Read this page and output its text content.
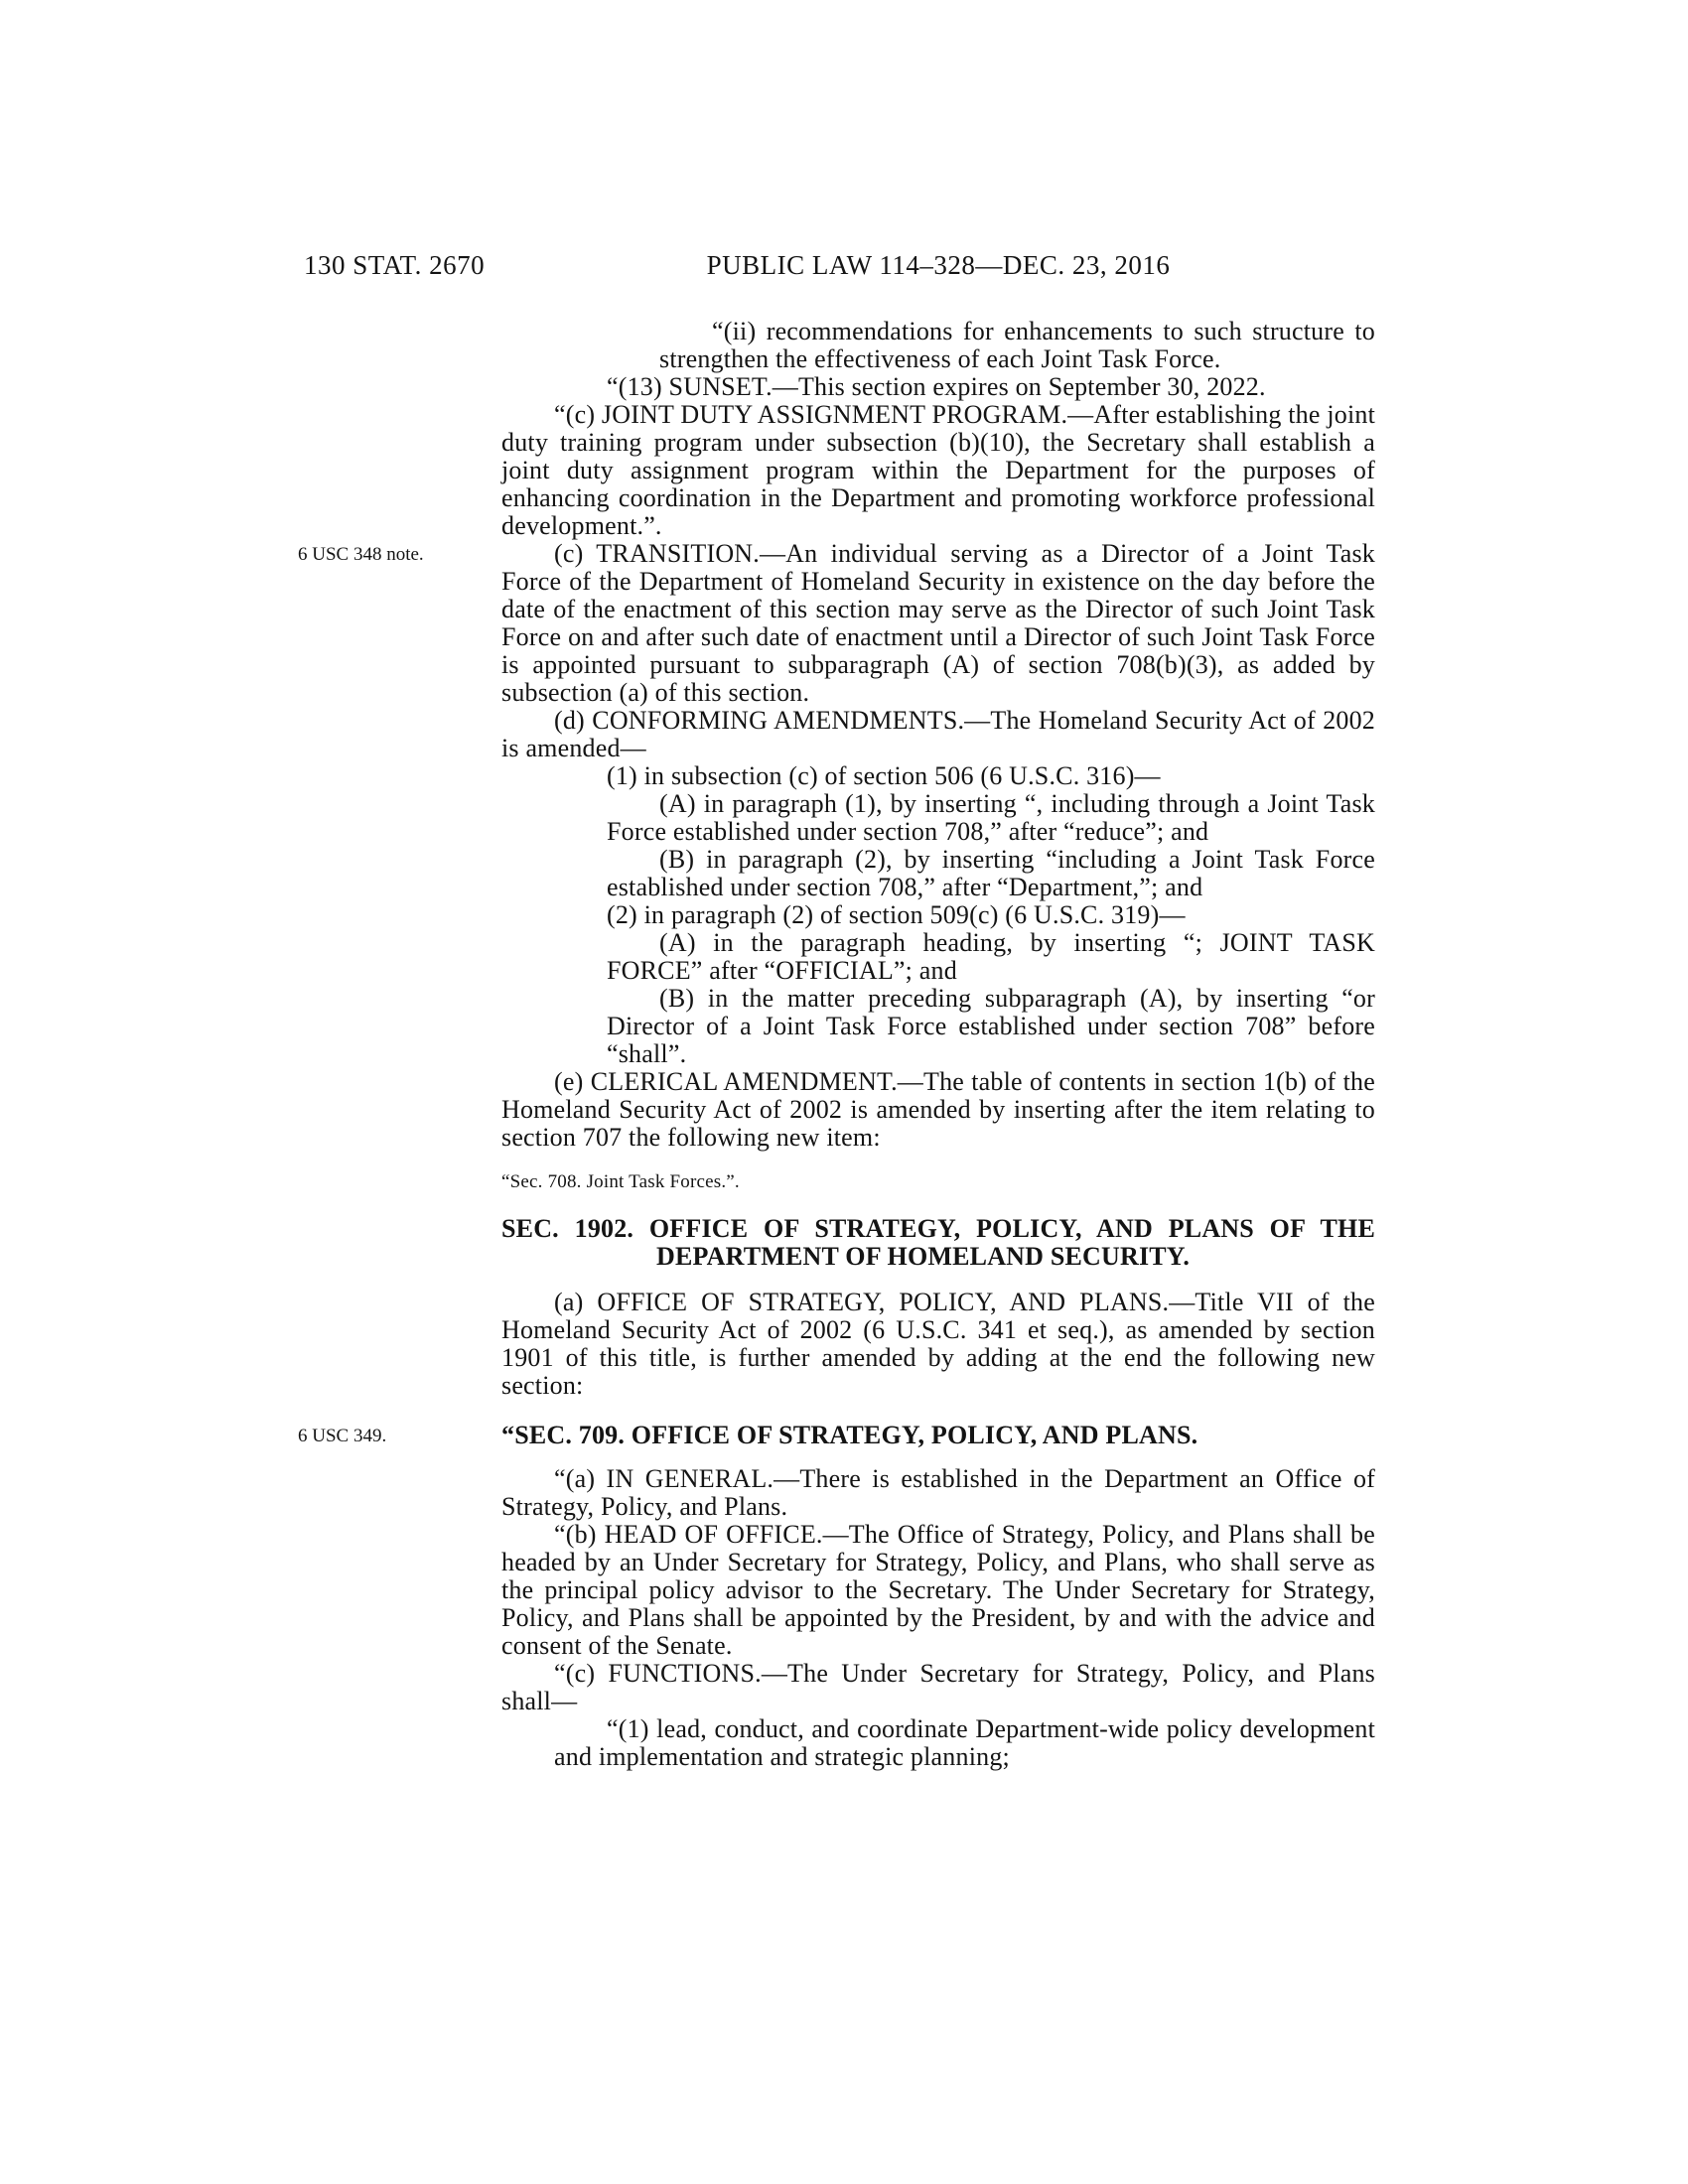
130 STAT. 2670	PUBLIC LAW 114–328—DEC. 23, 2016

“(ii) recommendations for enhancements to such structure to strengthen the effectiveness of each Joint Task Force.

“(13) SUNSET.—This section expires on September 30, 2022.

“(c) JOINT DUTY ASSIGNMENT PROGRAM.—After establishing the joint duty training program under subsection (b)(10), the Secretary shall establish a joint duty assignment program within the Department for the purposes of enhancing coordination in the Department and promoting workforce professional development.”.

6 USC 348 note.	(c) TRANSITION.—An individual serving as a Director of a Joint Task Force of the Department of Homeland Security in existence on the day before the date of the enactment of this section may serve as the Director of such Joint Task Force on and after such date of enactment until a Director of such Joint Task Force is appointed pursuant to subparagraph (A) of section 708(b)(3), as added by subsection (a) of this section.

(d) CONFORMING AMENDMENTS.—The Homeland Security Act of 2002 is amended—

(1) in subsection (c) of section 506 (6 U.S.C. 316)—

(A) in paragraph (1), by inserting “, including through a Joint Task Force established under section 708,” after “reduce”; and

(B) in paragraph (2), by inserting “including a Joint Task Force established under section 708,” after “Department,”; and

(2) in paragraph (2) of section 509(c) (6 U.S.C. 319)—

(A) in the paragraph heading, by inserting “; JOINT TASK FORCE” after “OFFICIAL”; and

(B) in the matter preceding subparagraph (A), by inserting “or Director of a Joint Task Force established under section 708” before “shall”.

(e) CLERICAL AMENDMENT.—The table of contents in section 1(b) of the Homeland Security Act of 2002 is amended by inserting after the item relating to section 707 the following new item:

“Sec. 708. Joint Task Forces.”.

SEC. 1902. OFFICE OF STRATEGY, POLICY, AND PLANS OF THE DEPARTMENT OF HOMELAND SECURITY.

(a) OFFICE OF STRATEGY, POLICY, AND PLANS.—Title VII of the Homeland Security Act of 2002 (6 U.S.C. 341 et seq.), as amended by section 1901 of this title, is further amended by adding at the end the following new section:

6 USC 349.	“SEC. 709. OFFICE OF STRATEGY, POLICY, AND PLANS.

“(a) IN GENERAL.—There is established in the Department an Office of Strategy, Policy, and Plans.

“(b) HEAD OF OFFICE.—The Office of Strategy, Policy, and Plans shall be headed by an Under Secretary for Strategy, Policy, and Plans, who shall serve as the principal policy advisor to the Secretary. The Under Secretary for Strategy, Policy, and Plans shall be appointed by the President, by and with the advice and consent of the Senate.

“(c) FUNCTIONS.—The Under Secretary for Strategy, Policy, and Plans shall—

“(1) lead, conduct, and coordinate Department-wide policy development and implementation and strategic planning;
